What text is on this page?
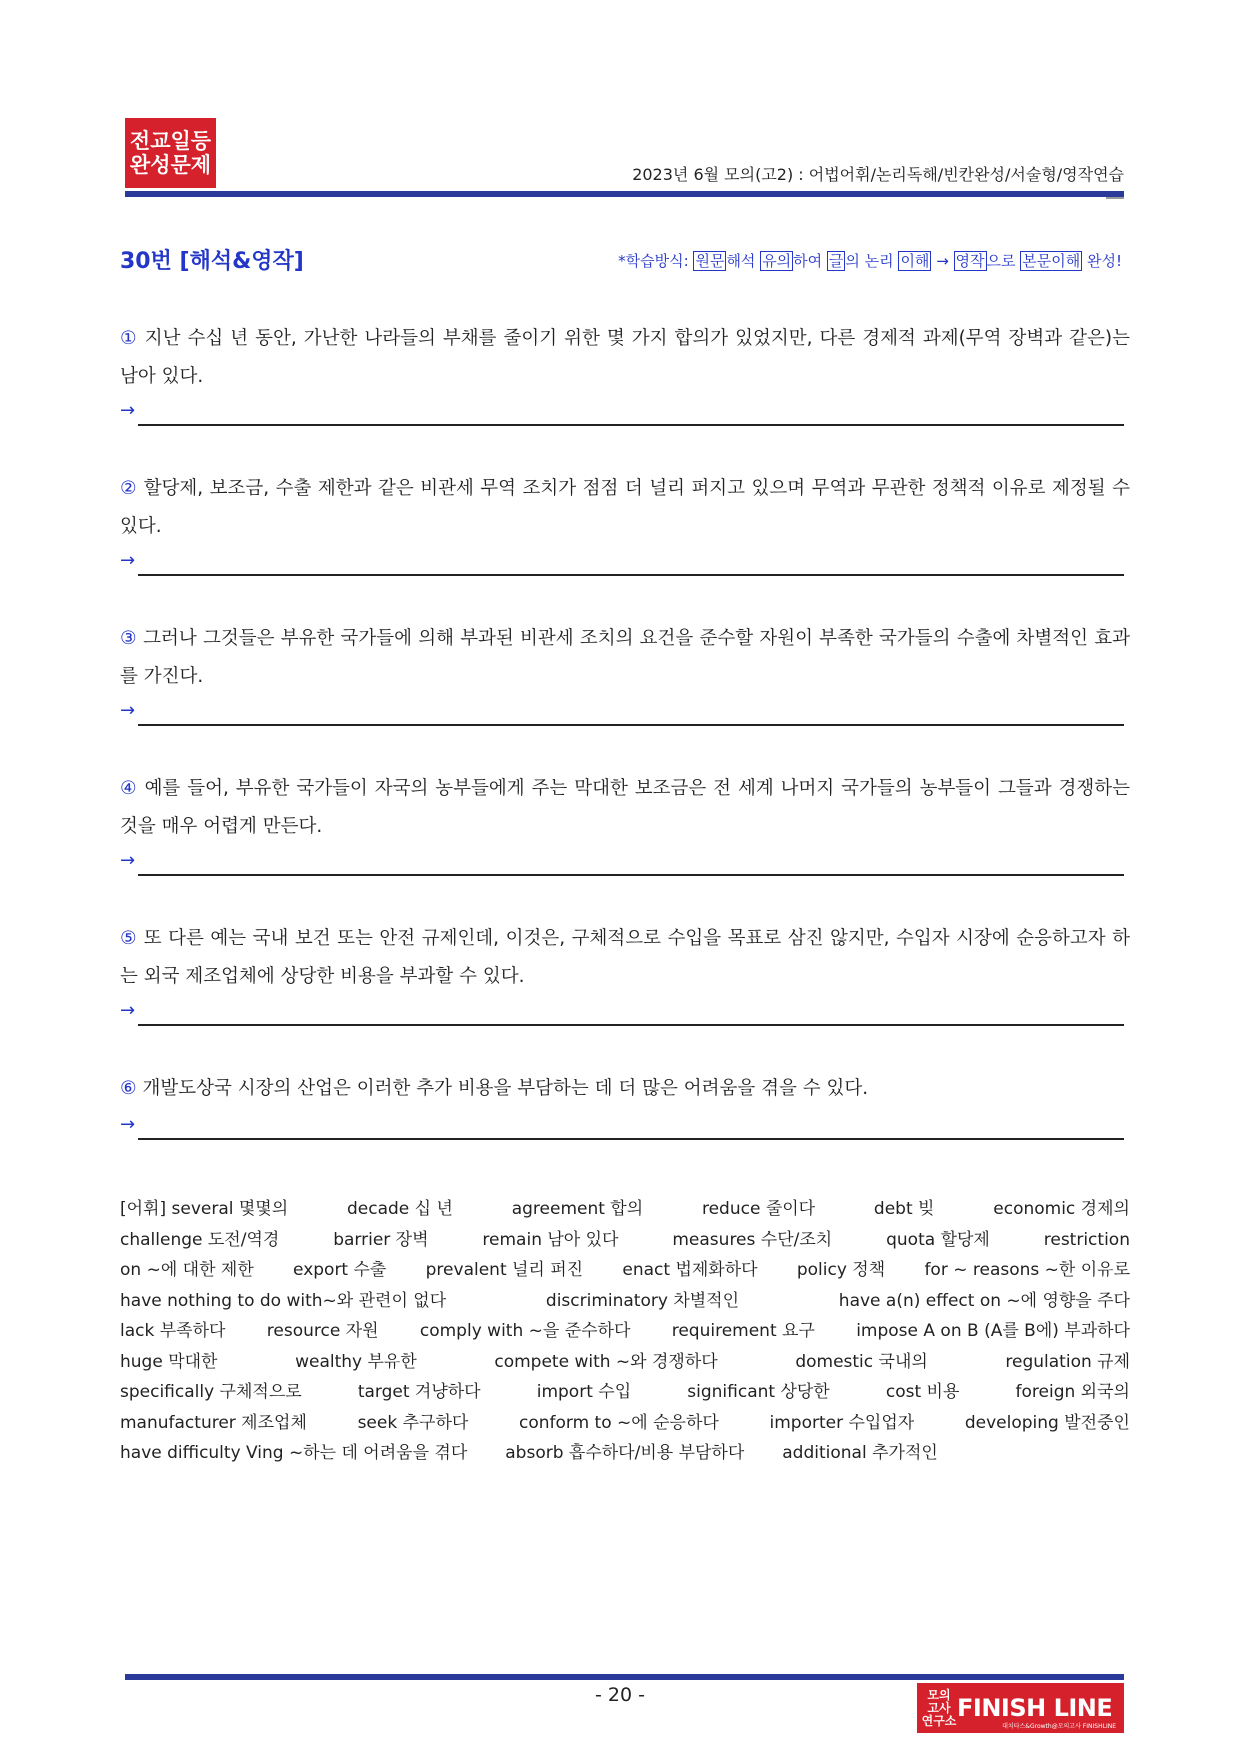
전교일등 완성문제	2023년 6월 모의(고2) : 어법어휘/논리독해/빈칸완성/서술형/영작연습
30번 [해석&영작]	*학습방식: 원문 해석 유의 하여 글 의 논리 이해 → 영작 으로 본문이해 완성!
① 지난 수십 년 동안, 가난한 나라들의 부채를 줄이기 위한 몇 가지 합의가 있었지만, 다른 경제적 과제(무역 장벽과 같은)는 남아 있다.
→
② 할당제, 보조금, 수출 제한과 같은 비관세 무역 조치가 점점 더 널리 퍼지고 있으며 무역과 무관한 정책적 이유로 제정될 수 있다.
→
③ 그러나 그것들은 부유한 국가들에 의해 부과된 비관세 조치의 요건을 준수할 자원이 부족한 국가들의 수출에 차별적인 효과를 가진다.
→
④ 예를 들어, 부유한 국가들이 자국의 농부들에게 주는 막대한 보조금은 전 세계 나머지 국가들의 농부들이 그들과 경쟁하는 것을 매우 어렵게 만든다.
→
⑤ 또 다른 예는 국내 보건 또는 안전 규제인데, 이것은, 구체적으로 수입을 목표로 삼진 않지만, 수입자 시장에 순응하고자 하는 외국 제조업체에 상당한 비용을 부과할 수 있다.
→
⑥ 개발도상국 시장의 산업은 이러한 추가 비용을 부담하는 데 더 많은 어려움을 겪을 수 있다.
→
[어휘] several 몇몇의	decade 십 년	agreement 합의	reduce 줄이다	debt 빚	economic 경제의
challenge 도전/역경	barrier 장벽	remain 남아 있다	measures 수단/조치	quota 할당제	restriction
on ~에 대한 제한 export 수출 prevalent 널리 퍼진 enact 법제화하다 policy 정책 for ~ reasons ~한 이유로
have nothing to do with~와 관련이 없다	discriminatory 차별적인	have a(n) effect on ~에 영향을 주다
lack 부족하다 resource 자원 comply with ~을 준수하다 requirement 요구 impose A on B (A를 B에) 부과하다
huge 막대한	wealthy 부유한	compete with ~와 경쟁하다	domestic 국내의	regulation 규제
specifically 구체적으로	target 겨냥하다	import 수입	significant 상당한	cost 비용	foreign 외국의
manufacturer 제조업체	seek 추구하다	conform to ~에 순응하다	importer 수입업자	developing 발전중인
have difficulty Ving ~하는 데 어려움을 겪다 absorb 흡수하다/비용 부담하다 additional 추가적인
- 20 -	모의 고사 연구소 FINISH LINE
대치타스&Growth@모의고사 FINISHLINE
